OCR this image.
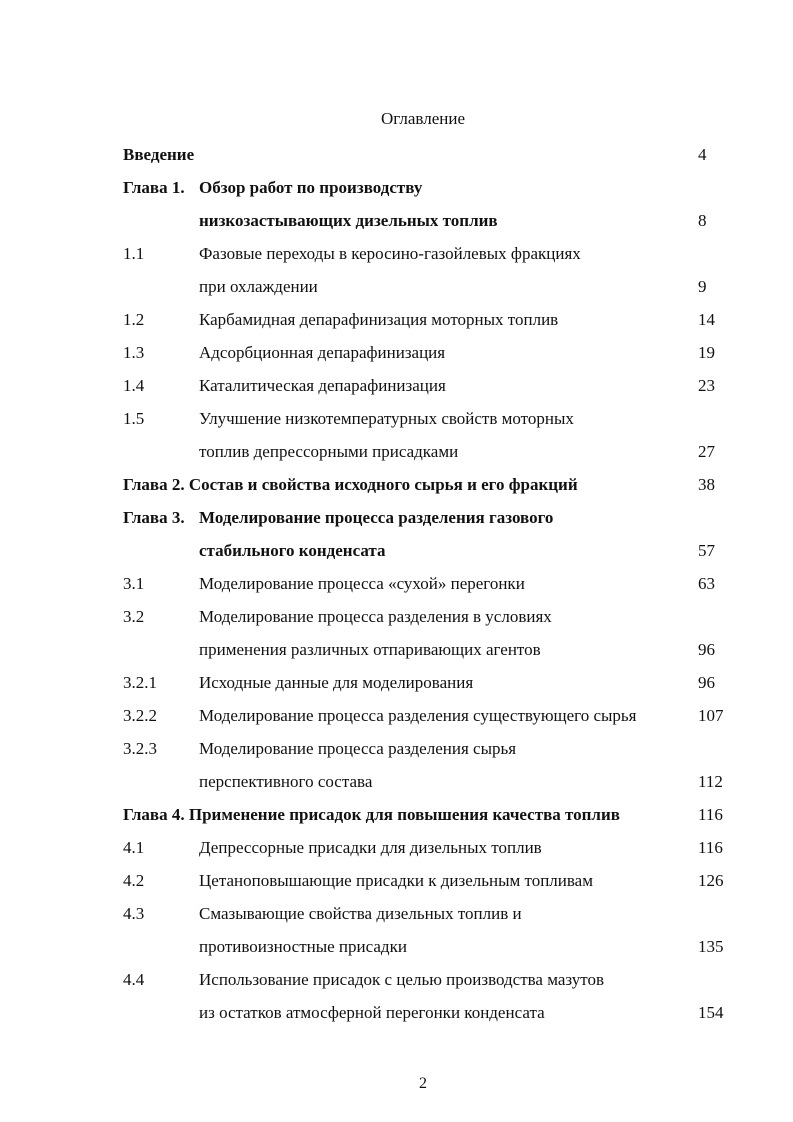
Оглавление
Введение	4
Глава 1. Обзор работ по производству
низкозастывающих дизельных топлив	8
1.1	Фазовые переходы в керосино-газойлевых фракциях
при охлаждении	9
1.2	Карбамидная депарафинизация моторных топлив	14
1.3	Адсорбционная депарафинизация	19
1.4	Каталитическая депарафинизация	23
1.5	Улучшение низкотемпературных свойств моторных
топлив депрессорными присадками	27
Глава 2. Состав и свойства исходного сырья и его фракций	38
Глава 3. Моделирование процесса разделения газового
стабильного конденсата	57
3.1	Моделирование процесса «сухой» перегонки	63
3.2	Моделирование процесса разделения в условиях
применения различных отпаривающих агентов	96
3.2.1 Исходные данные для моделирования	96
3.2.2 Моделирование процесса разделения существующего сырья	107
3.2.3 Моделирование процесса разделения сырья
перспективного состава	112
Глава 4. Применение присадок для повышения качества топлив	116
4.1	Депрессорные присадки для дизельных топлив	116
4.2	Цетаноповышающие присадки к дизельным топливам	126
4.3	Смазывающие свойства дизельных топлив и
противоизностные присадки	135
4.4	Использование присадок с целью производства мазутов
из остатков атмосферной перегонки конденсата	154
2
